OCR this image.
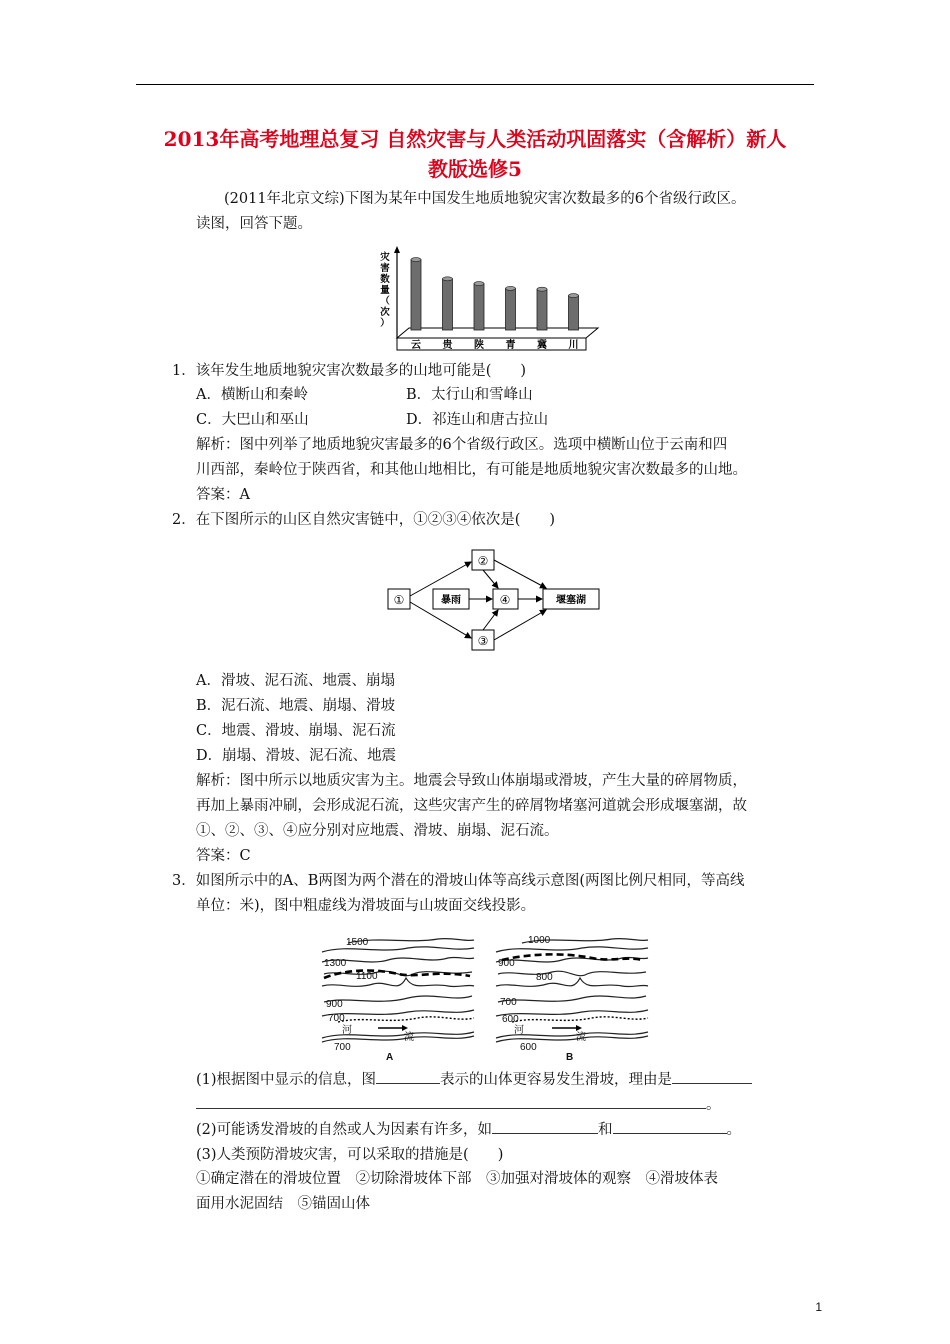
2013年高考地理总复习 自然灾害与人类活动巩固落实（含解析）新人
教版选修5
(2011年北京文综)下图为某年中国发生地质地貌灾害次数最多的6个省级行政区。
读图，回答下题。
灾
害
数
量
（
次
）
云 贵 陕 青 冀 川
1．该年发生地质地貌灾害次数最多的山地可能是(　　)
A．横断山和秦岭	B．太行山和雪峰山
C．大巴山和巫山	D．祁连山和唐古拉山
解析：图中列举了地质地貌灾害最多的6个省级行政区。选项中横断山位于云南和四
川西部，秦岭位于陕西省，和其他山地相比，有可能是地质地貌灾害次数最多的山地。
答案：A
2．在下图所示的山区自然灾害链中，①②③④依次是(　　)
①
②
③
④
暴雨	堰塞湖
A．滑坡、泥石流、地震、崩塌
B．泥石流、地震、崩塌、滑坡
C．地震、滑坡、崩塌、泥石流
D．崩塌、滑坡、泥石流、地震
解析：图中所示以地质灾害为主。地震会导致山体崩塌或滑坡，产生大量的碎屑物质，
再加上暴雨冲刷，会形成泥石流，这些灾害产生的碎屑物堵塞河道就会形成堰塞湖，故
①、②、③、④应分别对应地震、滑坡、崩塌、泥石流。
答案：C
3．如图所示中的A、B两图为两个潜在的滑坡山体等高线示意图(两图比例尺相同，等高线
单位：米)，图中粗虚线为滑坡面与山坡面交线投影。
1500
1300
1100
900
700
700
河
流
A
1000
900
800
700
600
600
河
流
B
(1)根据图中显示的信息，图	表示的山体更容易发生滑坡，理由是
。
(2)可能诱发滑坡的自然或人为因素有许多，如	和	。
(3)人类预防滑坡灾害，可以采取的措施是(　　)
①确定潜在的滑坡位置　②切除滑坡体下部　③加强对滑坡体的观察　④滑坡体表
面用水泥固结　⑤锚固山体
1
